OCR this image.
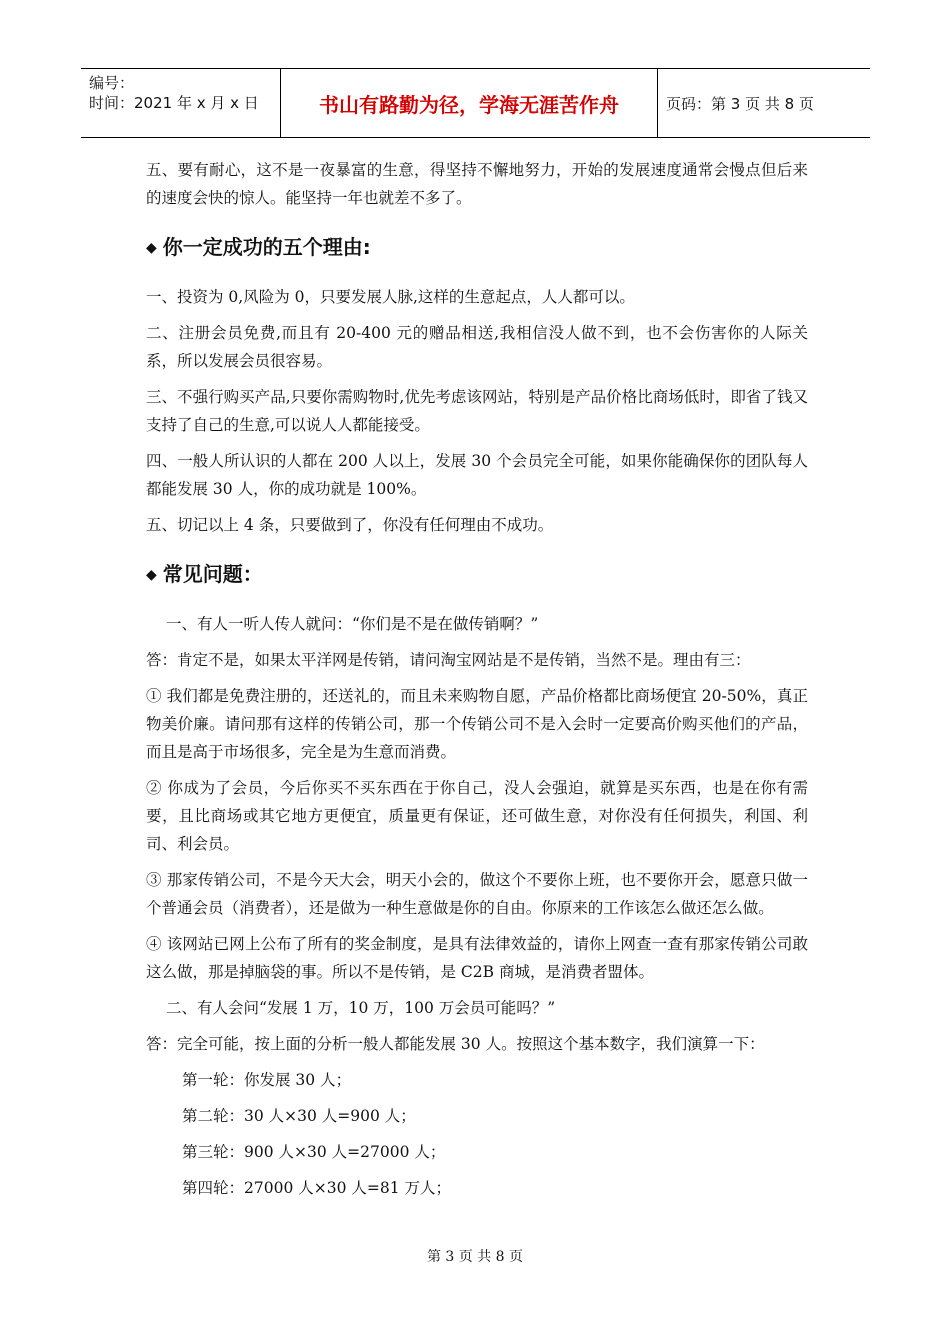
编号：
时间：2021 年 x 月 x 日	书山有路勤为径，学海无涯苦作舟	页码：第 3 页 共 8 页

五、要有耐心，这不是一夜暴富的生意，得坚持不懈地努力，开始的发展速度通常会慢点但后来的速度会快的惊人。能坚持一年也就差不多了。

◆ 你一定成功的五个理由:

一、投资为 0,风险为 0，只要发展人脉,这样的生意起点，人人都可以。

二、注册会员免费,而且有 20-400 元的赠品相送,我相信没人做不到，也不会伤害你的人际关系，所以发展会员很容易。

三、不强行购买产品,只要你需购物时,优先考虑该网站，特别是产品价格比商场低时，即省了钱又支持了自己的生意,可以说人人都能接受。

四、一般人所认识的人都在 200 人以上，发展 30 个会员完全可能，如果你能确保你的团队每人都能发展 30 人，你的成功就是 100%。

五、切记以上 4 条，只要做到了，你没有任何理由不成功。

◆ 常见问题：

一、有人一听人传人就问：“你们是不是在做传销啊？”

答：肯定不是，如果太平洋网是传销，请问淘宝网站是不是传销，当然不是。理由有三：

① 我们都是免费注册的，还送礼的，而且未来购物自愿，产品价格都比商场便宜 20-50%，真正物美价廉。请问那有这样的传销公司，那一个传销公司不是入会时一定要高价购买他们的产品，而且是高于市场很多，完全是为生意而消费。

② 你成为了会员，今后你买不买东西在于你自己，没人会强迫，就算是买东西，也是在你有需要，且比商场或其它地方更便宜，质量更有保证，还可做生意，对你没有任何损失，利国、利司、利会员。

③ 那家传销公司，不是今天大会，明天小会的，做这个不要你上班，也不要你开会，愿意只做一个普通会员（消费者），还是做为一种生意做是你的自由。你原来的工作该怎么做还怎么做。

④ 该网站已网上公布了所有的奖金制度，是具有法律效益的，请你上网查一查有那家传销公司敢这么做，那是掉脑袋的事。所以不是传销，是 C2B 商城，是消费者盟体。

二、有人会问“发展 1 万，10 万，100 万会员可能吗？”

答：完全可能，按上面的分析一般人都能发展 30 人。按照这个基本数字，我们演算一下：

第一轮：你发展 30 人；

第二轮：30 人×30 人=900 人；

第三轮：900 人×30 人=27000 人；

第四轮：27000 人×30 人=81 万人；

第 3 页 共 8 页
